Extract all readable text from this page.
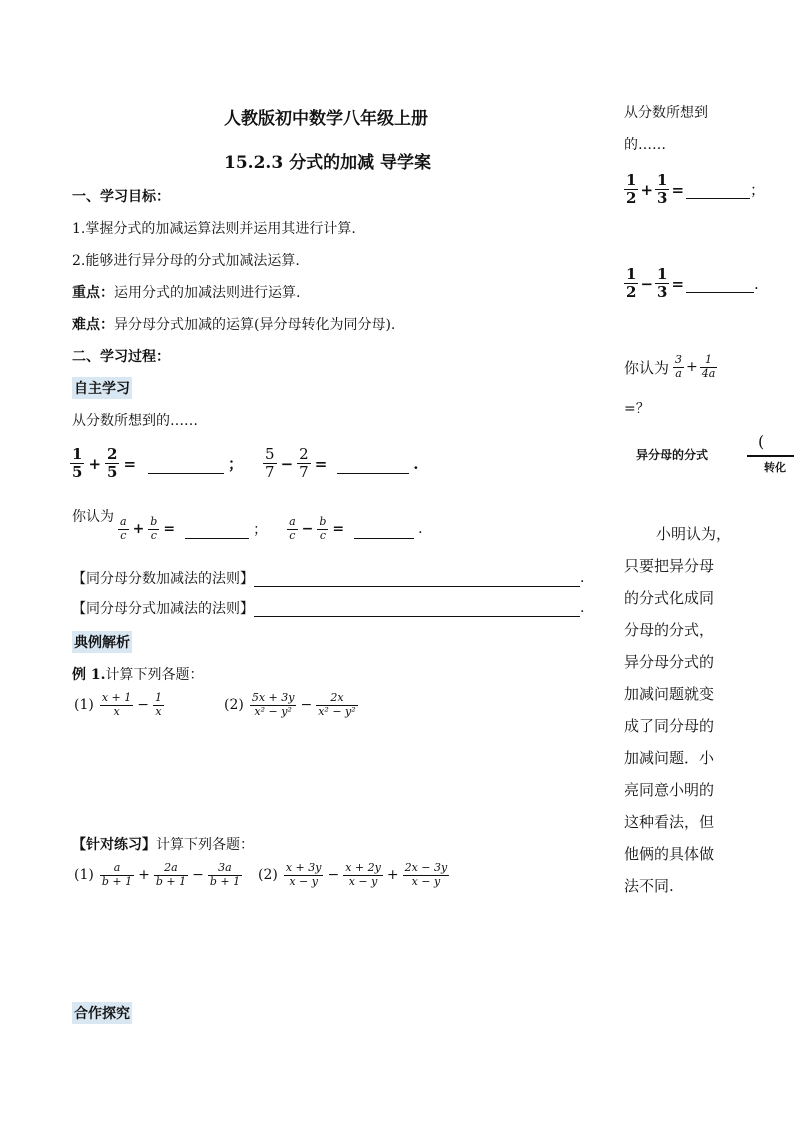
人教版初中数学八年级上册
15.2.3 分式的加减 导学案
一、学习目标：
1.掌握分式的加减运算法则并运用其进行计算.
2.能够进行异分母的分式加减法运算.
重点：运用分式的加减法则进行运算.
难点：异分母分式加减的运算(异分母转化为同分母).
二、学习过程：
自主学习
从分数所想到的……
$\frac{1}{5} + \frac{2}{5}$ =	； $\frac{5}{7} - \frac{2}{7}$ =	.
你认为 $\frac{a}{c} + \frac{b}{c}$ =	； $\frac{a}{c} - \frac{b}{c}$ =	.
【同分母分数加减法的法则】	.
【同分母分式加减法的法则】	.
典例解析
例 1.计算下列各题：
$(1) \frac{x + 1}{x} - \frac{1}{x}$	$(2) \frac{5x + 3y}{\text{x² − y²}} - \frac{2x}{\text{x² − y²}}$
【针对练习】计算下列各题：
$(1) \frac{a}{b + 1} + \frac{2a}{b + 1} - \frac{3a}{b + 1} (2) \frac{x + 3y}{x - y} - \frac{x + 2y}{x - y} + \frac{2x - 3y}{x - y}$
合作探究
从分数所想到
的……
$\frac{1}{2} + \frac{1}{3}$ =	；
$\frac{1}{2} - \frac{1}{3}$ =	.
你认为 $\frac{3}{a} + \frac{1}{4a}$
=？
异分母的分式
(
转化
小明认为，
只要把异分母
的分式化成同
分母的分式，
异分母分式的
加减问题就变
成了同分母的
加减问题．小
亮同意小明的
这种看法，但
他俩的具体做
法不同.
